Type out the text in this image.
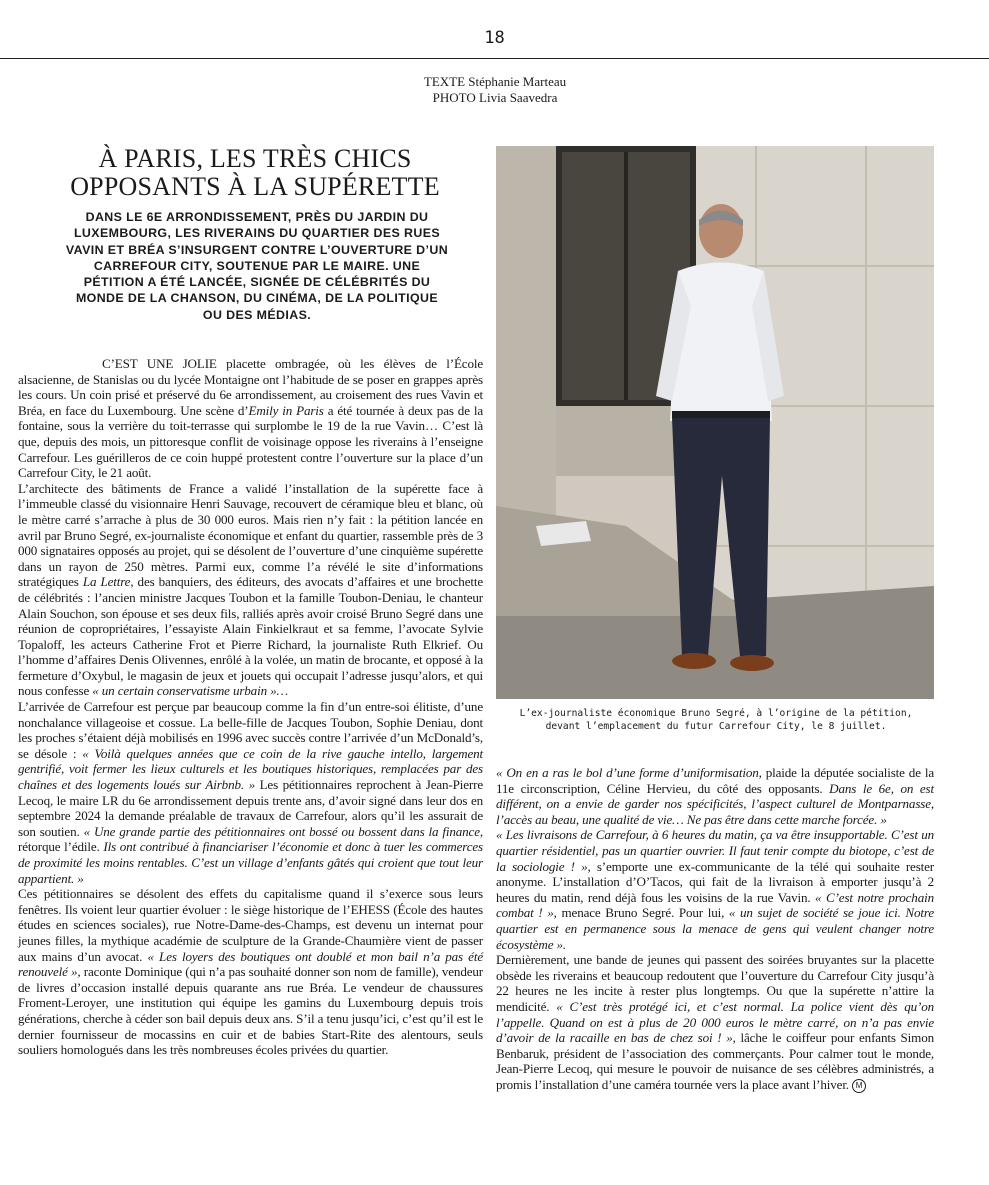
18
TEXTE Stéphanie Marteau
PHOTO Livia Saavedra
À PARIS, LES TRÈS CHICS
OPPOSANTS À LA SUPÉRETTE
DANS LE 6E ARRONDISSEMENT, PRÈS DU JARDIN DU LUXEMBOURG, LES RIVERAINS DU QUARTIER DES RUES VAVIN ET BRÉA S’INSURGENT CONTRE L’OUVERTURE D’UN CARREFOUR CITY, SOUTENUE PAR LE MAIRE. UNE PÉTITION A ÉTÉ LANCÉE, SIGNÉE DE CÉLÉBRITÉS DU MONDE DE LA CHANSON, DU CINÉMA, DE LA POLITIQUE OU DES MÉDIAS.
L’ex-journaliste économique Bruno Segré, à l’origine de la pétition,
devant l’emplacement du futur Carrefour City, le 8 juillet.

C’EST UNE JOLIE placette ombragée, où les élèves de l’École alsacienne, de Stanislas ou du lycée Montaigne ont l’habitude de se poser en grappes après les cours. Un coin prisé et préservé du 6e arrondissement, au croisement des rues Vavin et Bréa, en face du Luxembourg. Une scène d’Emily in Paris a été tournée à deux pas de la fontaine, sous la verrière du toit-terrasse qui surplombe le 19 de la rue Vavin… C’est là que, depuis des mois, un pittoresque conflit de voisinage oppose les riverains à l’enseigne Carrefour. Les guérilleros de ce coin huppé protestent contre l’ouverture sur la place d’un Carrefour City, le 21 août.

L’architecte des bâtiments de France a validé l’installation de la supérette face à l’immeuble classé du visionnaire Henri Sauvage, recouvert de céramique bleu et blanc, où le mètre carré s’arrache à plus de 30 000 euros. Mais rien n’y fait : la pétition lancée en avril par Bruno Segré, ex-journaliste économique et enfant du quartier, rassemble près de 3 000 signataires opposés au projet, qui se désolent de l’ouverture d’une cinquième supérette dans un rayon de 250 mètres. Parmi eux, comme l’a révélé le site d’informations stratégiques La Lettre, des banquiers, des éditeurs, des avocats d’affaires et une brochette de célébrités : l’ancien ministre Jacques Toubon et la famille Toubon-Deniau, le chanteur Alain Souchon, son épouse et ses deux fils, ralliés après avoir croisé Bruno Segré dans une réunion de copropriétaires, l’essayiste Alain Finkielkraut et sa femme, l’avocate Sylvie Topaloff, les acteurs Catherine Frot et Pierre Richard, la journaliste Ruth Elkrief. Ou l’homme d’affaires Denis Olivennes, enrôlé à la volée, un matin de brocante, et opposé à la fermeture d’Oxybul, le magasin de jeux et jouets qui occupait l’adresse jusqu’alors, et qui nous confesse « un certain conservatisme urbain »…

L’arrivée de Carrefour est perçue par beaucoup comme la fin d’un entre-soi élitiste, d’une nonchalance villageoise et cossue. La belle-fille de Jacques Toubon, Sophie Deniau, dont les proches s’étaient déjà mobilisés en 1996 avec succès contre l’arrivée d’un McDonald’s, se désole : « Voilà quelques années que ce coin de la rive gauche intello, largement gentrifié, voit fermer les lieux culturels et les boutiques historiques, remplacées par des chaînes et des logements loués sur Airbnb. » Les pétitionnaires reprochent à Jean-Pierre Lecoq, le maire LR du 6e arrondissement depuis trente ans, d’avoir signé dans leur dos en septembre 2024 la demande préalable de travaux de Carrefour, alors qu’il les assurait de son soutien. « Une grande partie des pétitionnaires ont bossé ou bossent dans la finance, rétorque l’édile. Ils ont contribué à financiariser l’économie et donc à tuer les commerces de proximité les moins rentables. C’est un village d’enfants gâtés qui croient que tout leur appartient. »

Ces pétitionnaires se désolent des effets du capitalisme quand il s’exerce sous leurs fenêtres. Ils voient leur quartier évoluer : le siège historique de l’EHESS (École des hautes études en sciences sociales), rue Notre-Dame-des-Champs, est devenu un internat pour jeunes filles, la mythique académie de sculpture de la Grande-Chaumière vient de passer aux mains d’un avocat. « Les loyers des boutiques ont doublé et mon bail n’a pas été renouvelé », raconte Dominique (qui n’a pas souhaité donner son nom de famille), vendeur de livres d’occasion installé depuis quarante ans rue Bréa. Le vendeur de chaussures Froment-Leroyer, une institution qui équipe les gamins du Luxembourg depuis trois générations, cherche à céder son bail depuis deux ans. S’il a tenu jusqu’ici, c’est qu’il est le dernier fournisseur de mocassins en cuir et de babies Start-Rite des alentours, seuls souliers homologués dans les très nombreuses écoles privées du quartier.

« On en a ras le bol d’une forme d’uniformisation, plaide la députée socialiste de la 11e circonscription, Céline Hervieu, du côté des opposants. Dans le 6e, on est différent, on a envie de garder nos spécificités, l’aspect culturel de Montparnasse, l’accès au beau, une qualité de vie… Ne pas être dans cette marche forcée. »

« Les livraisons de Carrefour, à 6 heures du matin, ça va être insupportable. C’est un quartier résidentiel, pas un quartier ouvrier. Il faut tenir compte du biotope, c’est de la sociologie ! », s’emporte une ex-communicante de la télé qui souhaite rester anonyme. L’installation d’O’Tacos, qui fait de la livraison à emporter jusqu’à 2 heures du matin, rend déjà fous les voisins de la rue Vavin. « C’est notre prochain combat ! », menace Bruno Segré. Pour lui, « un sujet de société se joue ici. Notre quartier est en permanence sous la menace de gens qui veulent changer notre écosystème ».

Dernièrement, une bande de jeunes qui passent des soirées bruyantes sur la placette obsède les riverains et beaucoup redoutent que l’ouverture du Carrefour City jusqu’à 22 heures ne les incite à rester plus longtemps. Ou que la supérette n’attire la mendicité. « C’est très protégé ici, et c’est normal. La police vient dès qu’on l’appelle. Quand on est à plus de 20 000 euros le mètre carré, on n’a pas envie d’avoir de la racaille en bas de chez soi ! », lâche le coiffeur pour enfants Simon Benbaruk, président de l’association des commerçants. Pour calmer tout le monde, Jean-Pierre Lecoq, qui mesure le pouvoir de nuisance de ses célèbres administrés, a promis l’installation d’une caméra tournée vers la place avant l’hiver. M
